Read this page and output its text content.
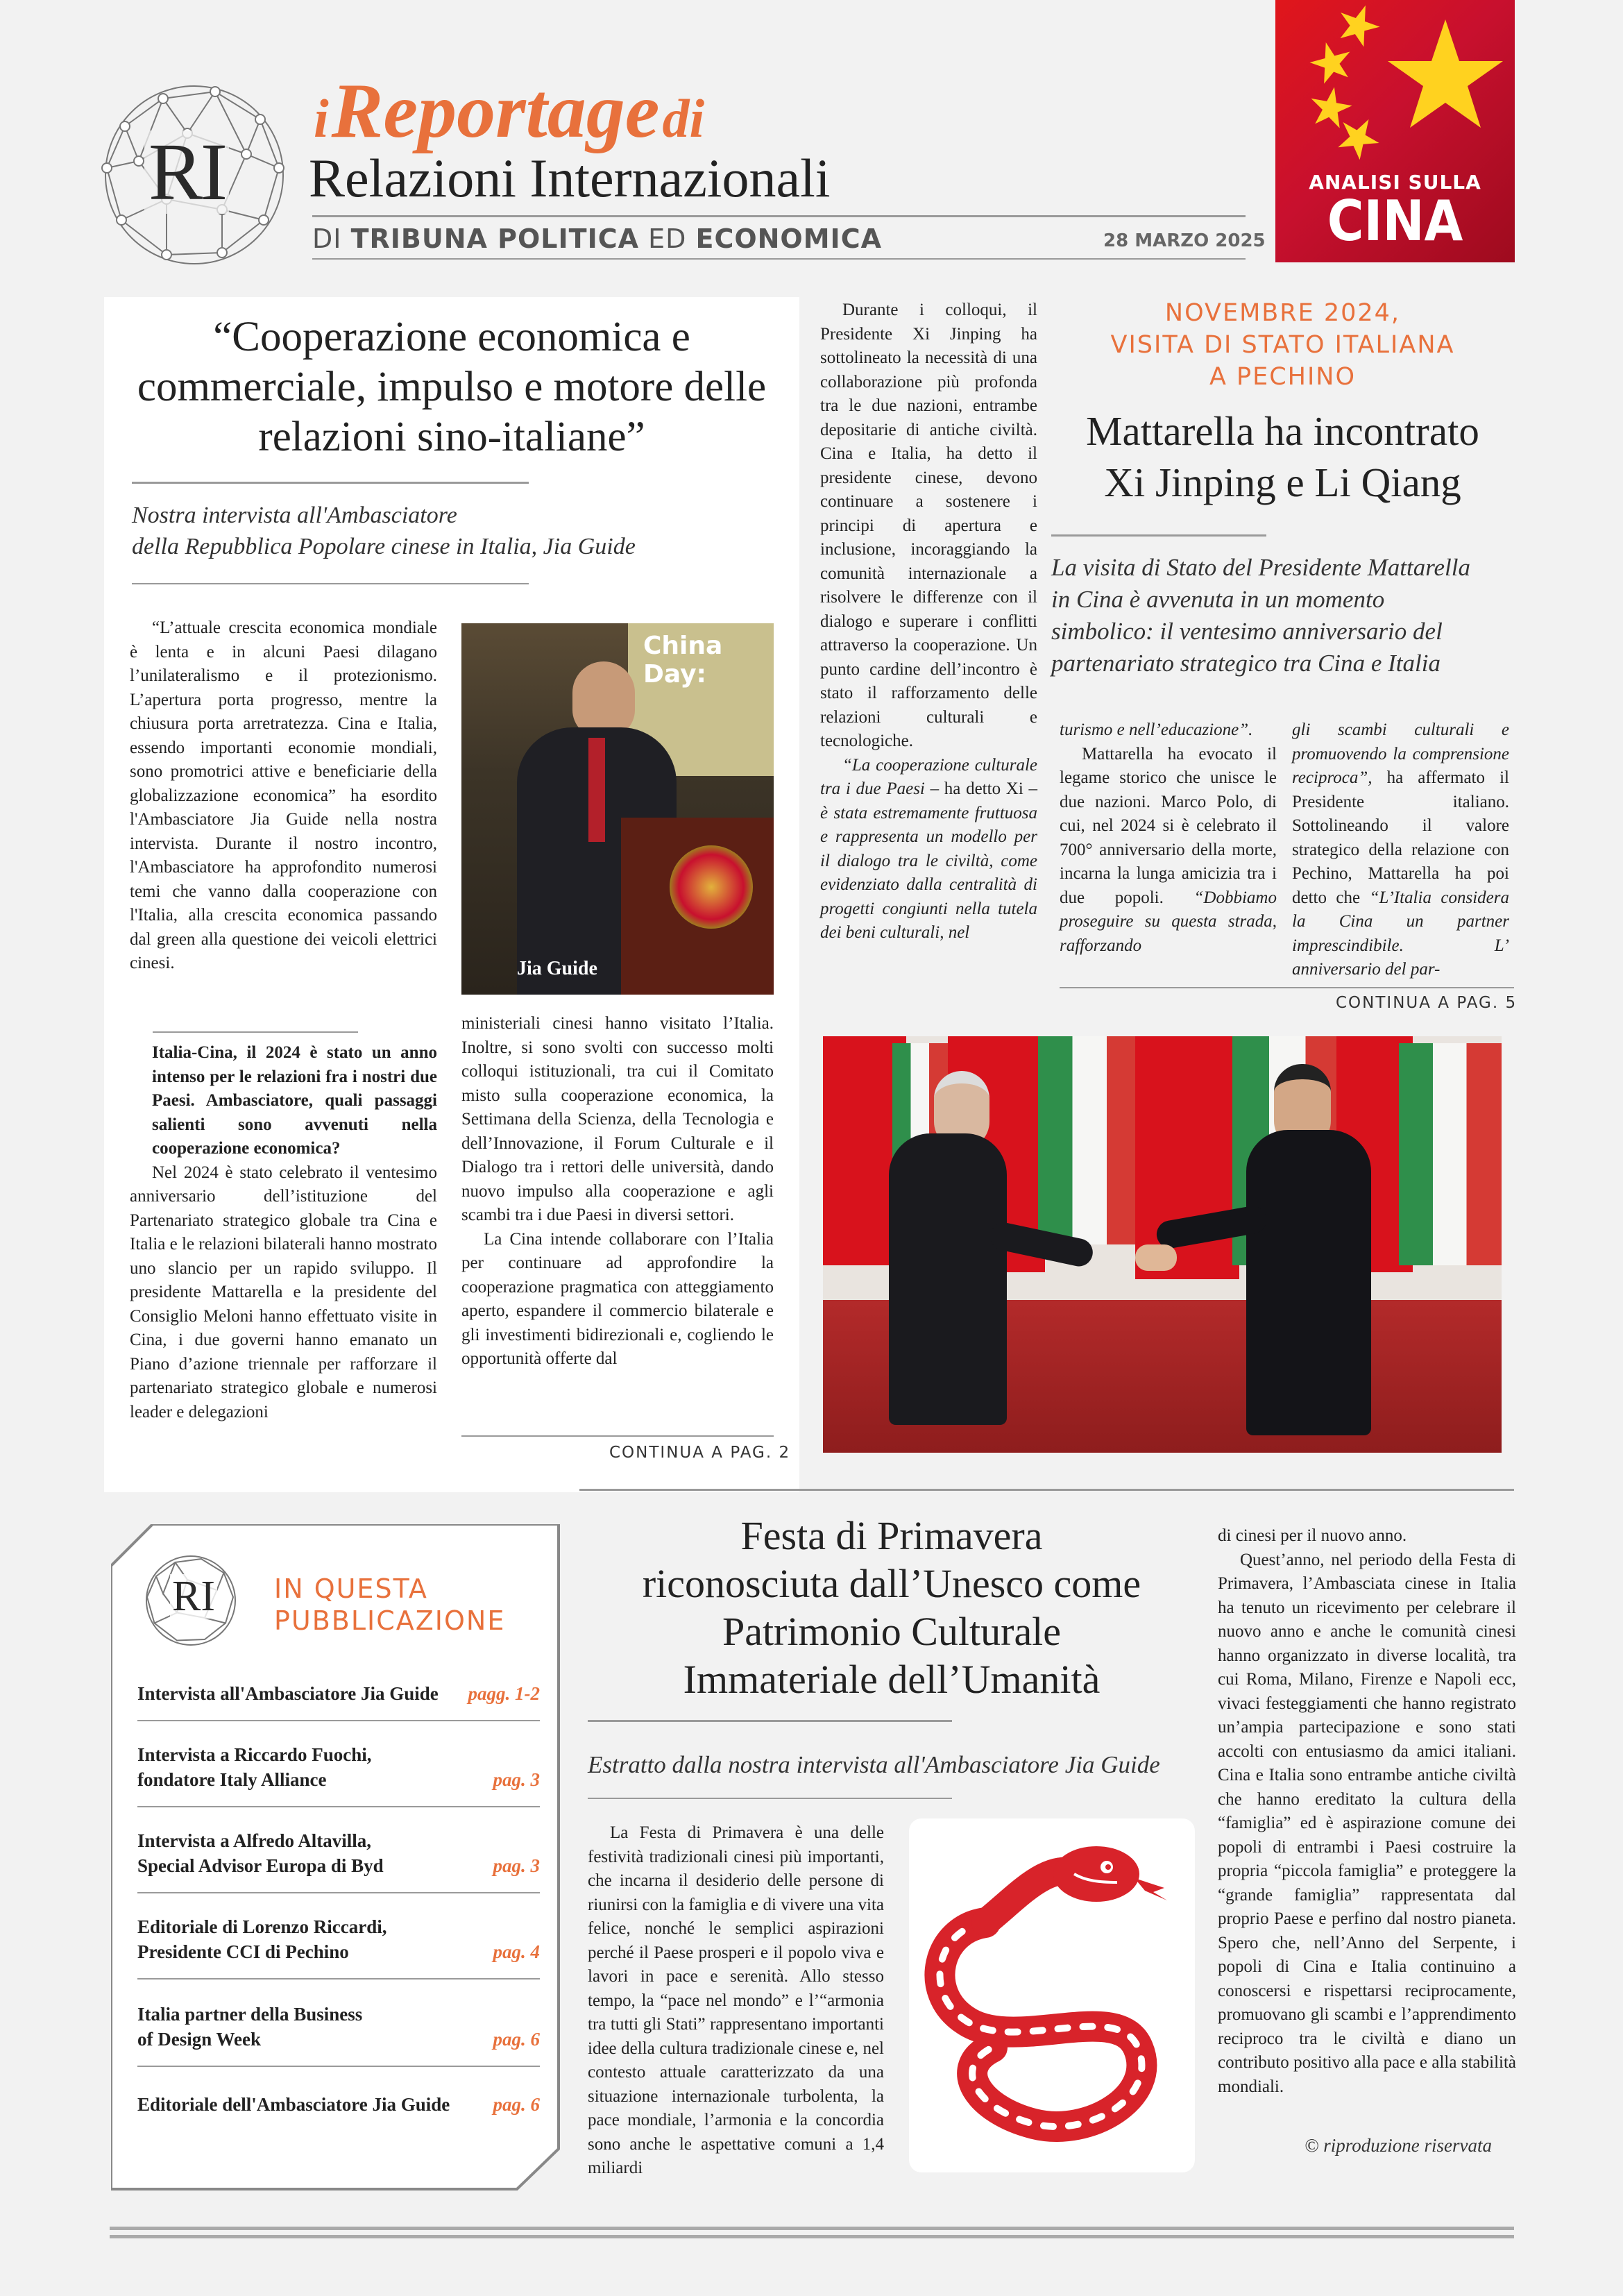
RI
i Reportage di
Relazioni Internazionali
DI TRIBUNA POLITICA ED ECONOMICA	28 MARZO 2025
ANALISI SULLA
CINA
“Cooperazione economica e commerciale, impulso e motore delle relazioni sino-italiane”
Nostra intervista all'Ambasciatore
della Repubblica Popolare cinese in Italia, Jia Guide

“L’attuale crescita economica mondiale è lenta e in alcuni Paesi dilagano l’unilateralismo e il protezionismo. L’apertura porta progresso, mentre la chiusura porta arretratezza. Cina e Italia, essendo importanti economie mondiali, sono promotrici attive e beneficiarie della globalizzazione economica” ha esordito l'Ambasciatore Jia Guide nella nostra intervista. Durante il nostro incontro, l'Ambasciatore ha approfondito numerosi temi che vanno dalla cooperazione con l'Italia, alla crescita economica passando dal green alla questione dei veicoli elettrici cinesi.

China Day:
Jia Guide

Italia-Cina, il 2024 è stato un anno intenso per le relazioni fra i nostri due Paesi. Ambasciatore, quali passaggi salienti sono avvenuti nella cooperazione economica?

Nel 2024 è stato celebrato il ventesimo anniversario dell’istituzione del Partenariato strategico globale tra Cina e Italia e le relazioni bilaterali hanno mostrato uno slancio per un rapido sviluppo. Il presidente Mattarella e la presidente del Consiglio Meloni hanno effettuato visite in Cina, i due governi hanno emanato un Piano d’azione triennale per rafforzare il partenariato strategico globale e numerosi leader e delegazioni

ministeriali cinesi hanno visitato l’Italia. Inoltre, si sono svolti con successo molti colloqui istituzionali, tra cui il Comitato misto sulla cooperazione economica, la Settimana della Scienza, della Tecnologia e dell’Innovazione, il Forum Culturale e il Dialogo tra i rettori delle università, dando nuovo impulso alla cooperazione e agli scambi tra i due Paesi in diversi settori.

La Cina intende collaborare con l’Italia per continuare ad approfondire la cooperazione pragmatica con atteggiamento aperto, espandere il commercio bilaterale e gli investimenti bidirezionali e, cogliendo le opportunità offerte dal

CONTINUA A PAG. 2

Durante i colloqui, il Presidente Xi Jinping ha sottolineato la necessità di una collaborazione più profonda tra le due nazioni, entrambe depositarie di antiche civiltà. Cina e Italia, ha detto il presidente cinese, devono continuare a sostenere i principi di apertura e inclusione, incoraggiando la comunità internazionale a risolvere le differenze con il dialogo e superare i conflitti attraverso la cooperazione. Un punto cardine dell’incontro è stato il rafforzamento delle relazioni culturali e tecnologiche.

“La cooperazione culturale tra i due Paesi – ha detto Xi – è stata estremamente fruttuosa e rappresenta un modello per il dialogo tra le civiltà, come evidenziato dalla centralità di progetti congiunti nella tutela dei beni culturali, nel

NOVEMBRE 2024,
VISITA DI STATO ITALIANA
A PECHINO
Mattarella ha incontrato
Xi Jinping e Li Qiang
La visita di Stato del Presidente Mattarella in Cina è avvenuta in un momento simbolico: il ventesimo anniversario del partenariato strategico tra Cina e Italia

turismo e nell’educazione”.

Mattarella ha evocato il legame storico che unisce le due nazioni. Marco Polo, di cui, nel 2024 si è celebrato il 700° anniversario della morte, incarna la lunga amicizia tra i due popoli. “Dobbiamo proseguire su questa strada, rafforzando

gli scambi culturali e promuovendo la comprensione reciproca”, ha affermato il Presidente italiano. Sottolineando il valore strategico della relazione con Pechino, Mattarella ha poi detto che “L’Italia considera la Cina un partner imprescindibile. L’ anniversario del par-

CONTINUA A PAG. 5
RI IN QUESTA
PUBBLICAZIONE
Intervista all'Ambasciatore Jia Guide	pagg. 1-2
Intervista a Riccardo Fuochi,
fondatore Italy Alliance	pag. 3
Intervista a Alfredo Altavilla,
Special Advisor Europa di Byd	pag. 3
Editoriale di Lorenzo Riccardi,
Presidente CCI di Pechino	pag. 4
Italia partner della Business
of Design Week	pag. 6
Editoriale dell'Ambasciatore Jia Guide	pag. 6
Festa di Primavera
riconosciuta dall’Unesco come
Patrimonio Culturale
Immateriale dell’Umanità
Estratto dalla nostra intervista all'Ambasciatore Jia Guide

La Festa di Primavera è una delle festività tradizionali cinesi più importanti, che incarna il desiderio delle persone di riunirsi con la famiglia e di vivere una vita felice, nonché le semplici aspirazioni perché il Paese prosperi e il popolo viva e lavori in pace e serenità. Allo stesso tempo, la “pace nel mondo” e l’“armonia tra tutti gli Stati” rappresentano importanti idee della cultura tradizionale cinese e, nel contesto attuale caratterizzato da una situazione internazionale turbolenta, la pace mondiale, l’armonia e la concordia sono anche le aspettative comuni a 1,4 miliardi

di cinesi per il nuovo anno.

Quest’anno, nel periodo della Festa di Primavera, l’Ambasciata cinese in Italia ha tenuto un ricevimento per celebrare il nuovo anno e anche le comunità cinesi hanno organizzato in diverse località, tra cui Roma, Milano, Firenze e Napoli ecc, vivaci festeggiamenti che hanno registrato un’ampia partecipazione e sono stati accolti con entusiasmo da amici italiani. Cina e Italia sono entrambe antiche civiltà che hanno ereditato la cultura della “famiglia” ed è aspirazione comune dei popoli di entrambi i Paesi costruire la propria “piccola famiglia” e proteggere la “grande famiglia” rappresentata dal proprio Paese e perfino dal nostro pianeta. Spero che, nell’Anno del Serpente, i popoli di Cina e Italia continuino a conoscersi e rispettarsi reciprocamente, promuovano gli scambi e l’apprendimento reciproco tra le civiltà e diano un contributo positivo alla pace e alla stabilità mondiali.

© riproduzione riservata
